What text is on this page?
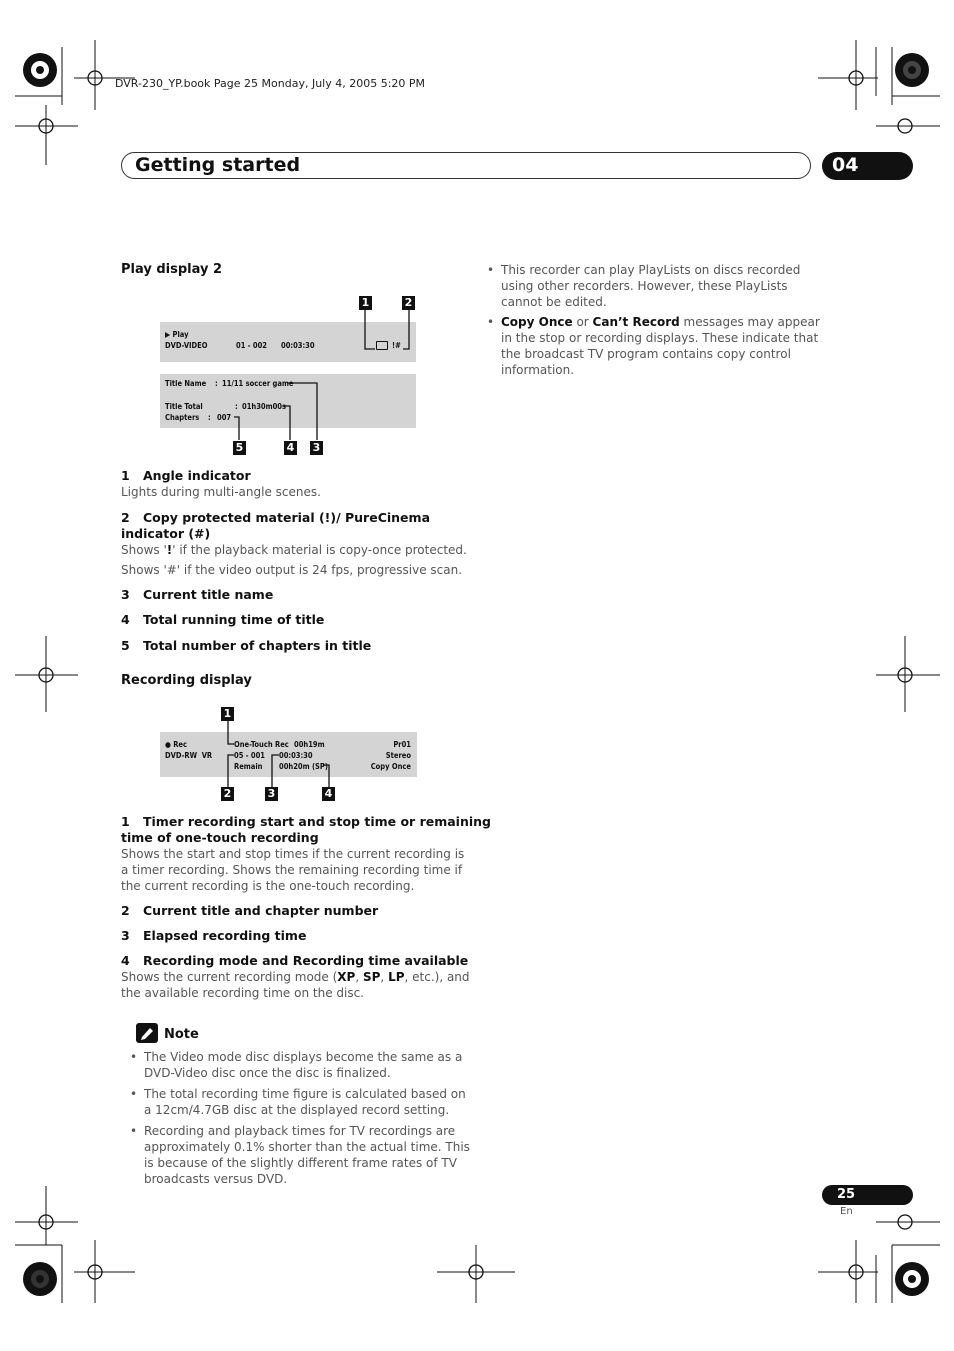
DVR-230_YP.book Page 25 Monday, July 4, 2005 5:20 PM
Getting started	04
Play display 2
1	2
▶ Play
DVD-VIDEO	01 - 002 00:03:30	!#
Title Name : 11/11 soccer game
Title Total	: 01h30m00s
Chapters : 007
5	4 3
1 Angle indicator
Lights during multi-angle scenes.
2 Copy protected material (!)/ PureCinema
indicator (#)
Shows '!' if the playback material is copy-once protected.
Shows '#' if the video output is 24 fps, progressive scan.
3 Current title name
4 Total running time of title
5 Total number of chapters in title
Recording display
1
● Rec
DVD-RW  VR
One-Touch Rec 00h19m
05 - 001 00:03:30
Remain 00h20m (SP)
Pr01
Stereo
Copy Once
2	3	4
1 Timer recording start and stop time or remaining
time of one-touch recording
Shows the start and stop times if the current recording is
a timer recording. Shows the remaining recording time if
the current recording is the one-touch recording.
2 Current title and chapter number
3 Elapsed recording time
4 Recording mode and Recording time available
Shows the current recording mode (XP, SP, LP, etc.), and
the available recording time on the disc.
Note
• The Video mode disc displays become the same as a
DVD-Video disc once the disc is finalized.
• The total recording time figure is calculated based on
a 12cm/4.7GB disc at the displayed record setting.
• Recording and playback times for TV recordings are
approximately 0.1% shorter than the actual time. This
is because of the slightly different frame rates of TV
broadcasts versus DVD.
• This recorder can play PlayLists on discs recorded
using other recorders. However, these PlayLists
cannot be edited.
• Copy Once or Can’t Record messages may appear
in the stop or recording displays. These indicate that
the broadcast TV program contains copy control
information.
25
En
